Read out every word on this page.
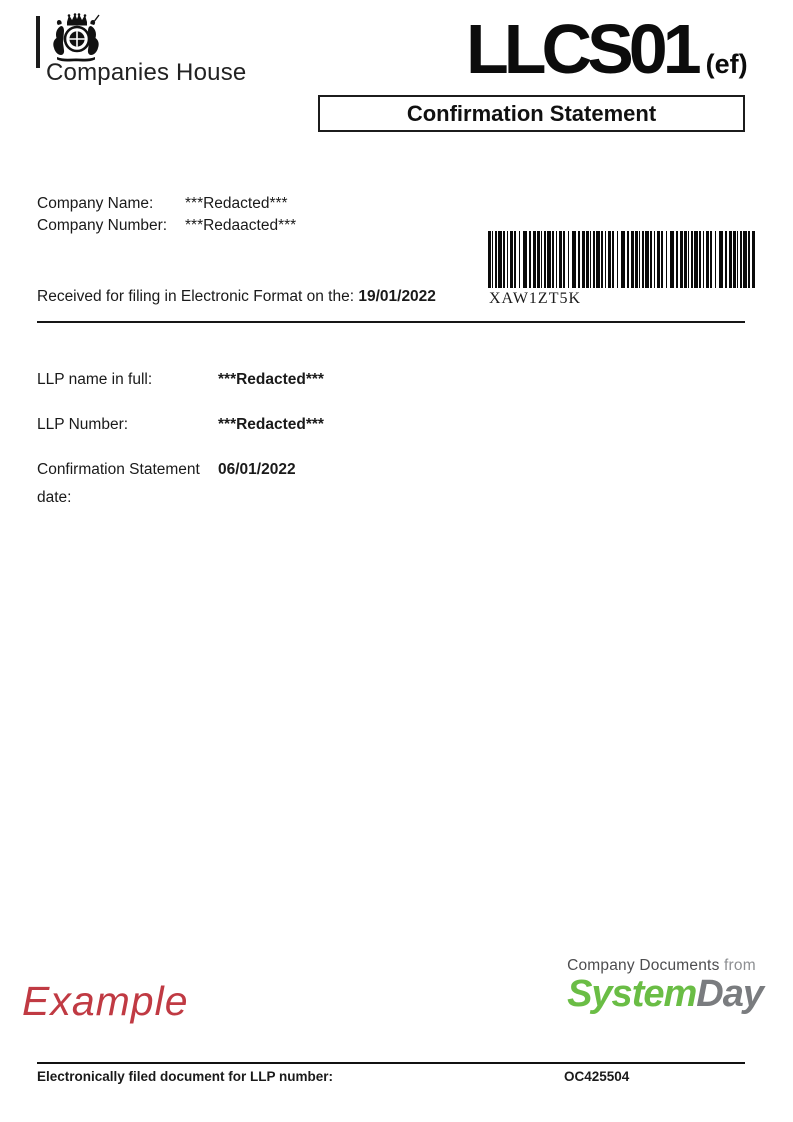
Companies House	LLCS01 (ef)
Confirmation Statement
Company Name:	***Redacted***
Company Number:	***Redaacted***
XAW1ZT5K
Received for filing in Electronic Format on the: 19/01/2022
LLP name in full:	***Redacted***
LLP Number:	***Redacted***
Confirmation Statement date:
06/01/2022
Example
Company Documents from
SystemDay
Electronically filed document for LLP number:	OC425504
